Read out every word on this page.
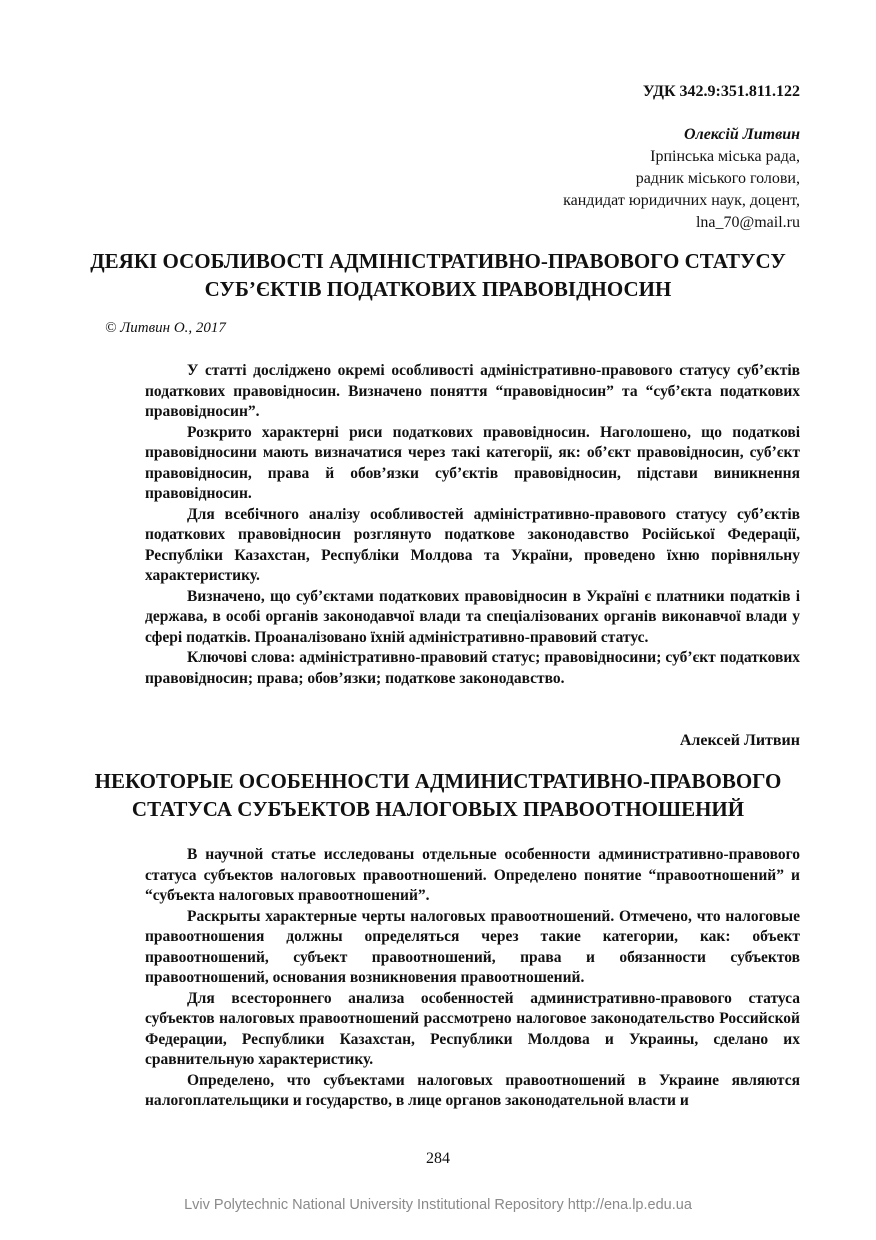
УДК 342.9:351.811.122
Олексій Литвин
Ірпінська міська рада,
радник міського голови,
кандидат юридичних наук, доцент,
lna_70@mail.ru
ДЕЯКІ ОСОБЛИВОСТІ АДМІНІСТРАТИВНО-ПРАВОВОГО СТАТУСУ
СУБ’ЄКТІВ ПОДАТКОВИХ ПРАВОВІДНОСИН
© Литвин О., 2017

У статті досліджено окремі особливості адміністративно-правового статусу суб’єктів податкових правовідносин. Визначено поняття “правовідносин” та “суб’єкта податкових правовідносин”.

Розкрито характерні риси податкових правовідносин. Наголошено, що податкові правовідносини мають визначатися через такі категорії, як: об’єкт правовідносин, суб’єкт правовідносин, права й обов’язки суб’єктів правовідносин, підстави виникнення правовідносин.

Для всебічного аналізу особливостей адміністративно-правового статусу суб’єктів податкових правовідносин розглянуто податкове законодавство Російської Федерації, Республіки Казахстан, Республіки Молдова та України, проведено їхню порівняльну характеристику.

Визначено, що суб’єктами податкових правовідносин в Україні є платники податків і держава, в особі органів законодавчої влади та спеціалізованих органів виконавчої влади у сфері податків. Проаналізовано їхній адміністративно-правовий статус.

Ключові слова: адміністративно-правовий статус; правовідносини; суб’єкт податкових правовідносин; права; обов’язки; податкове законодавство.

Алексей Литвин
НЕКОТОРЫЕ ОСОБЕННОСТИ АДМИНИСТРАТИВНО-ПРАВОВОГО
СТАТУСА СУБЪЕКТОВ НАЛОГОВЫХ ПРАВООТНОШЕНИЙ

В научной статье исследованы отдельные особенности административно-правового статуса субъектов налоговых правоотношений. Определено понятие “правоотношений” и “субъекта налоговых правоотношений”.

Раскрыты характерные черты налоговых правоотношений. Отмечено, что налоговые правоотношения должны определяться через такие категории, как: объект правоотношений, субъект правоотношений, права и обязанности субъектов правоотношений, основания возникновения правоотношений.

Для всестороннего анализа особенностей административно-правового статуса субъектов налоговых правоотношений рассмотрено налоговое законодательство Российской Федерации, Республики Казахстан, Республики Молдова и Украины, сделано их сравнительную характеристику.

Определено, что субъектами налоговых правоотношений в Украине являются налогоплательщики и государство, в лице органов законодательной власти и

284
Lviv Polytechnic National University Institutional Repository http://ena.lp.edu.ua
